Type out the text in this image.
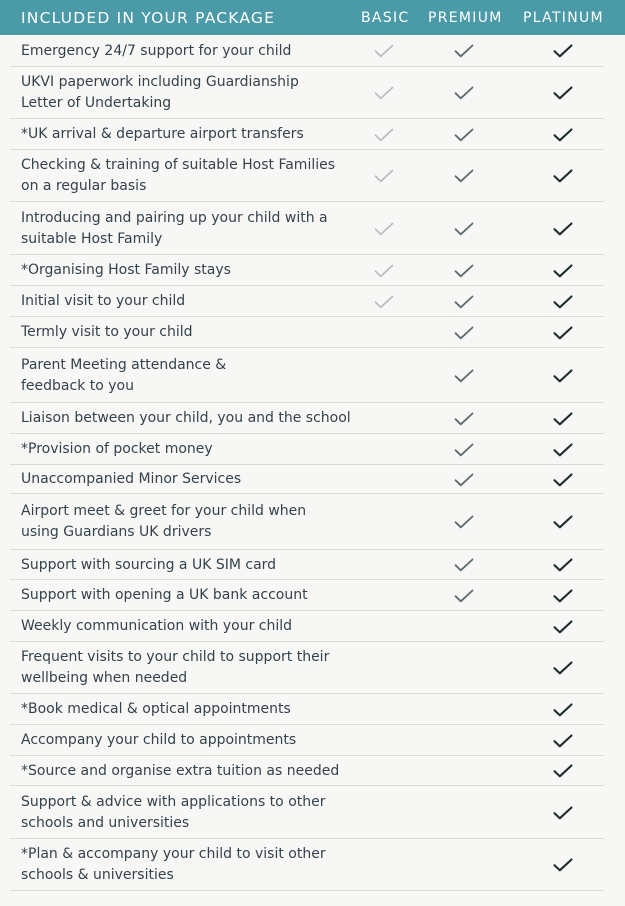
INCLUDED IN YOUR PACKAGE	BASIC PREMIUM PLATINUM
Emergency 24/7 support for your child
UKVI paperwork including Guardianship
Letter of Undertaking
*UK arrival & departure airport transfers
Checking & training of suitable Host Families
on a regular basis
Introducing and pairing up your child with a
suitable Host Family
*Organising Host Family stays
Initial visit to your child
Termly visit to your child
Parent Meeting attendance &
feedback to you
Liaison between your child, you and the school
*Provision of pocket money
Unaccompanied Minor Services
Airport meet & greet for your child when
using Guardians UK drivers
Support with sourcing a UK SIM card
Support with opening a UK bank account
Weekly communication with your child
Frequent visits to your child to support their
wellbeing when needed
*Book medical & optical appointments
Accompany your child to appointments
*Source and organise extra tuition as needed
Support & advice with applications to other
schools and universities
*Plan & accompany your child to visit other
schools & universities
